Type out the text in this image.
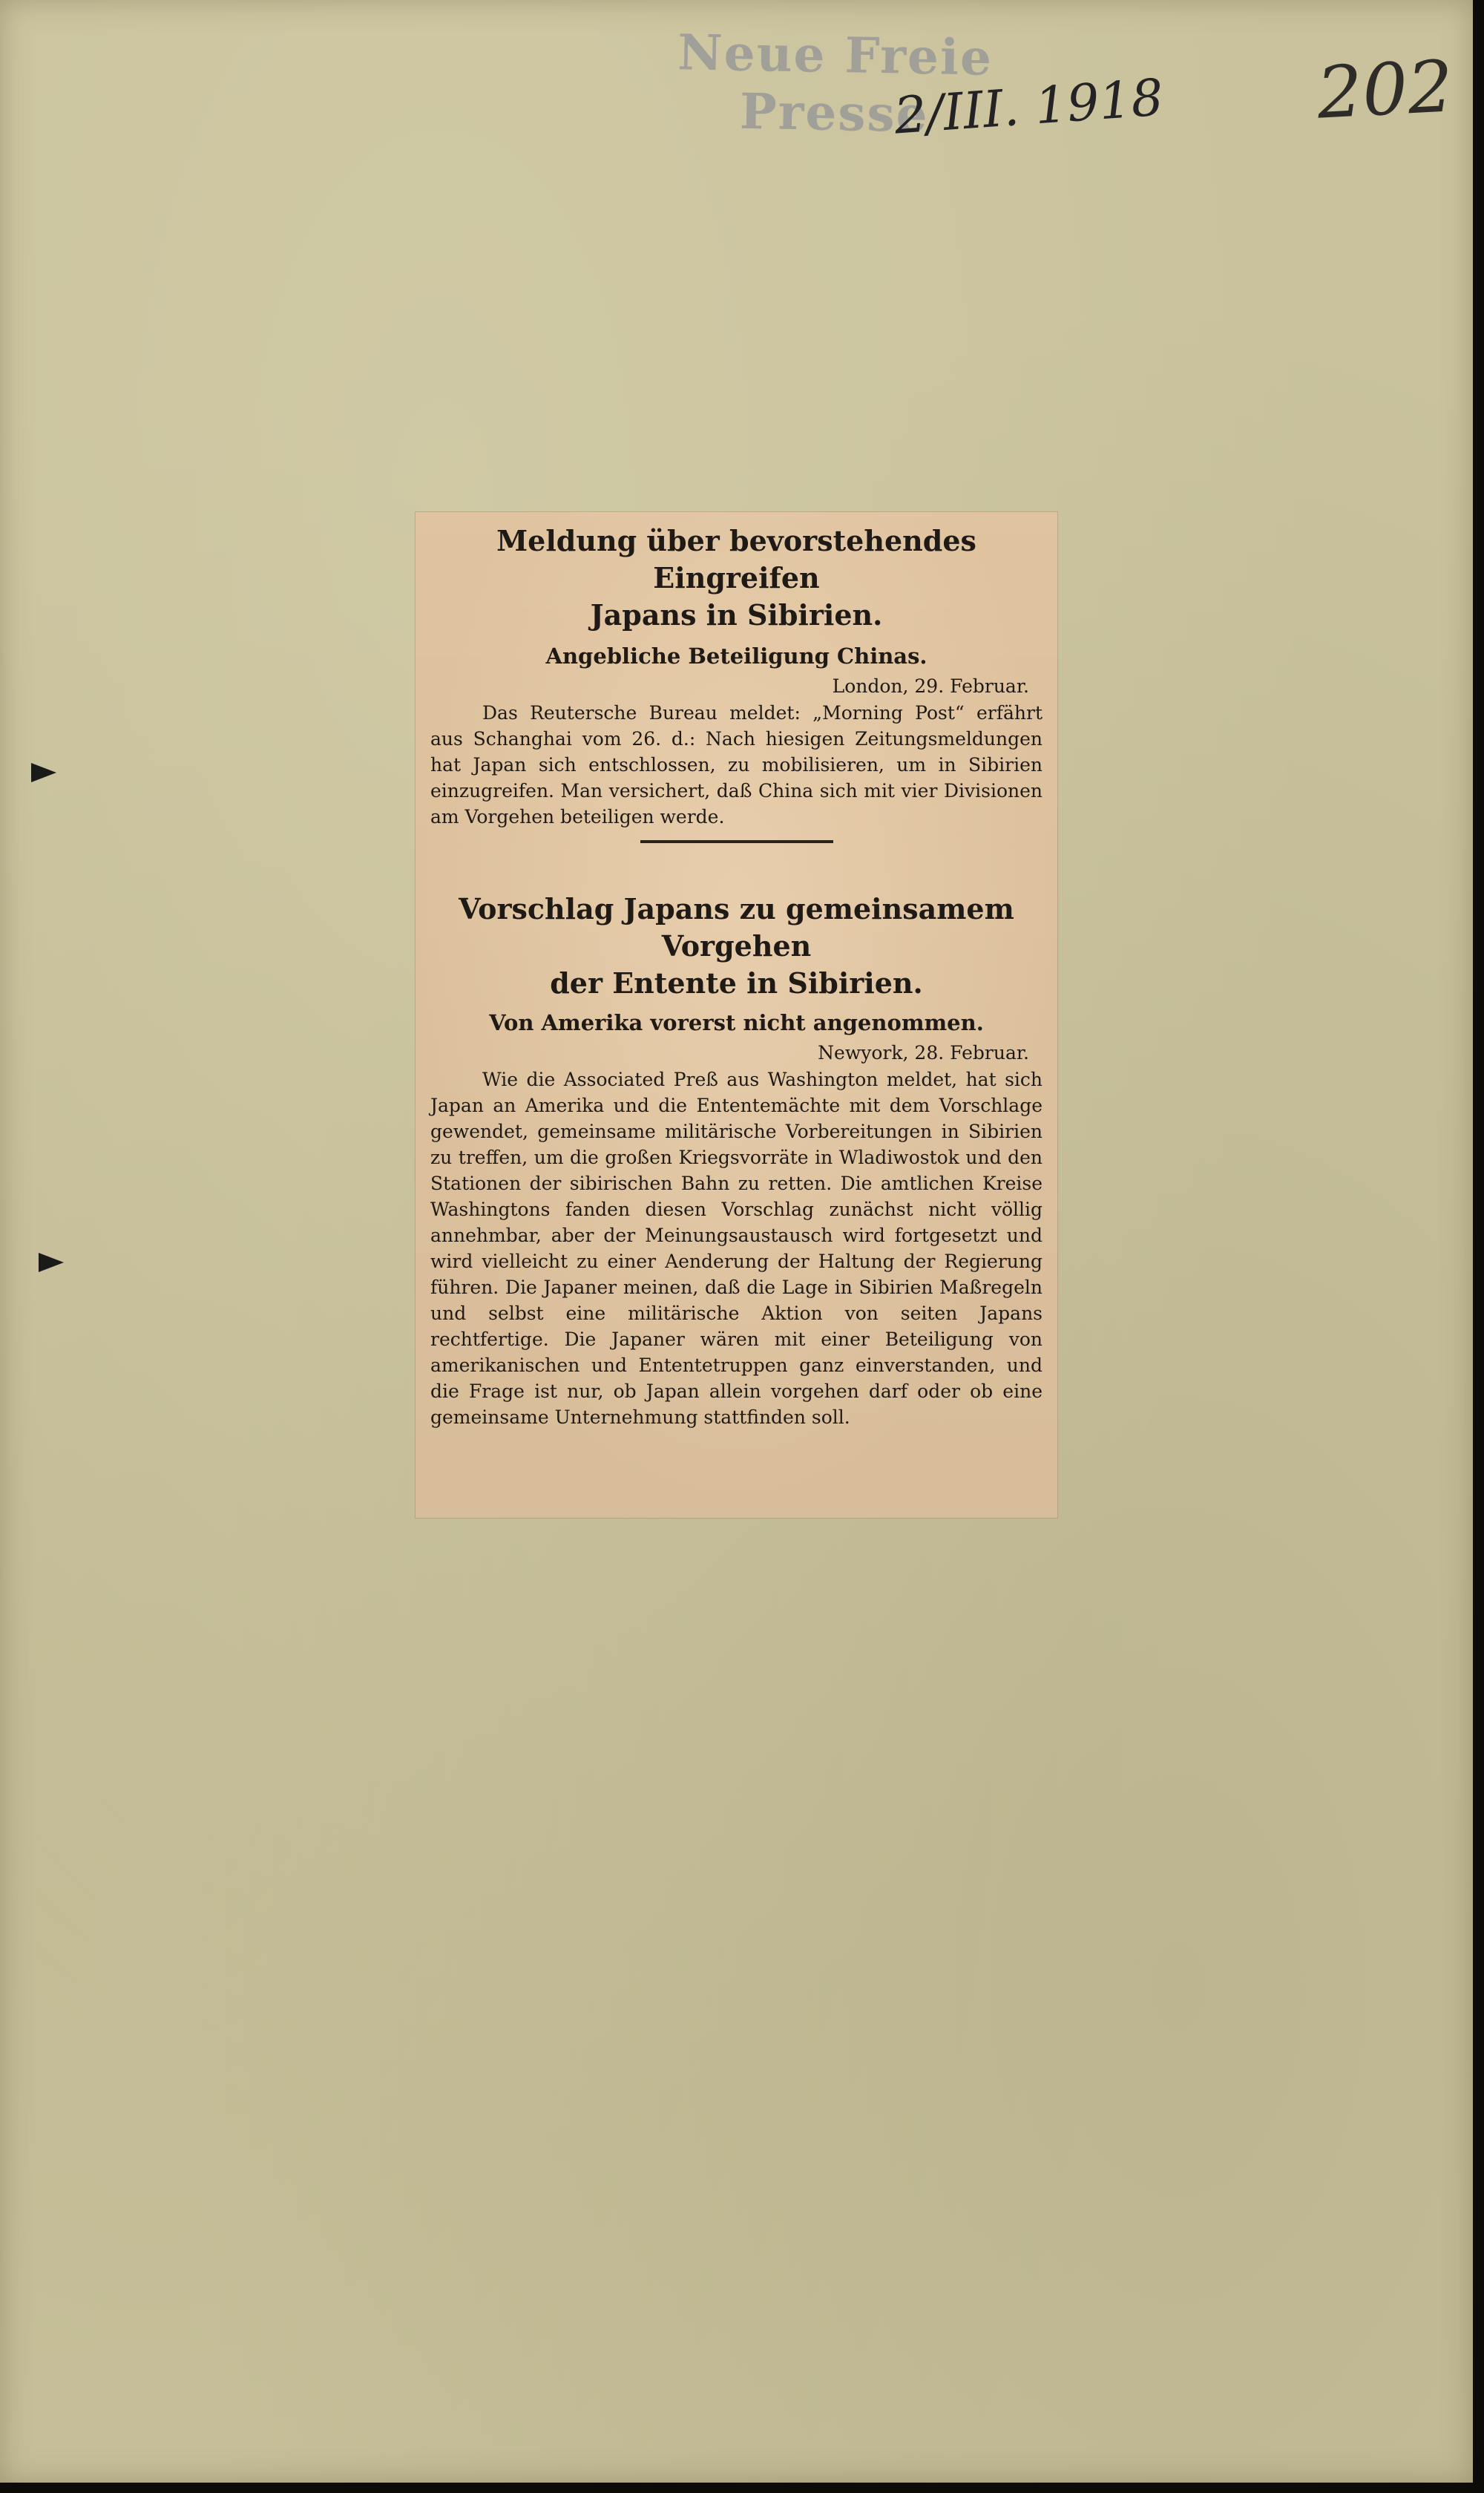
Neue Freie Presse
2/III. 1918 202

Meldung über bevorstehendes Eingreifen

Japans in Sibirien.

Angebliche Beteiligung Chinas.

London, 29. Februar.

Das Reutersche Bureau meldet: „Morning Post“ erfährt aus Schanghai vom 26. d.: Nach hiesigen Zeitungsmeldungen hat Japan sich entschlossen, zu mobilisieren, um in Sibirien einzugreifen. Man versichert, daß China sich mit vier Divisionen am Vorgehen beteiligen werde.

Vorschlag Japans zu gemeinsamem Vorgehen

der Entente in Sibirien.

Von Amerika vorerst nicht angenommen.

Newyork, 28. Februar.

Wie die Associated Preß aus Washington meldet, hat sich Japan an Amerika und die Ententemächte mit dem Vorschlage gewendet, gemeinsame militärische Vorbereitungen in Sibirien zu treffen, um die großen Kriegsvorräte in Wladiwostok und den Stationen der sibirischen Bahn zu retten. Die amtlichen Kreise Washingtons fanden diesen Vorschlag zunächst nicht völlig annehmbar, aber der Meinungsaustausch wird fortgesetzt und wird vielleicht zu einer Aenderung der Haltung der Regierung führen. Die Japaner meinen, daß die Lage in Sibirien Maßregeln und selbst eine militärische Aktion von seiten Japans rechtfertige. Die Japaner wären mit einer Beteiligung von amerikanischen und Ententetruppen ganz einverstanden, und die Frage ist nur, ob Japan allein vorgehen darf oder ob eine gemeinsame Unternehmung stattfinden soll.
